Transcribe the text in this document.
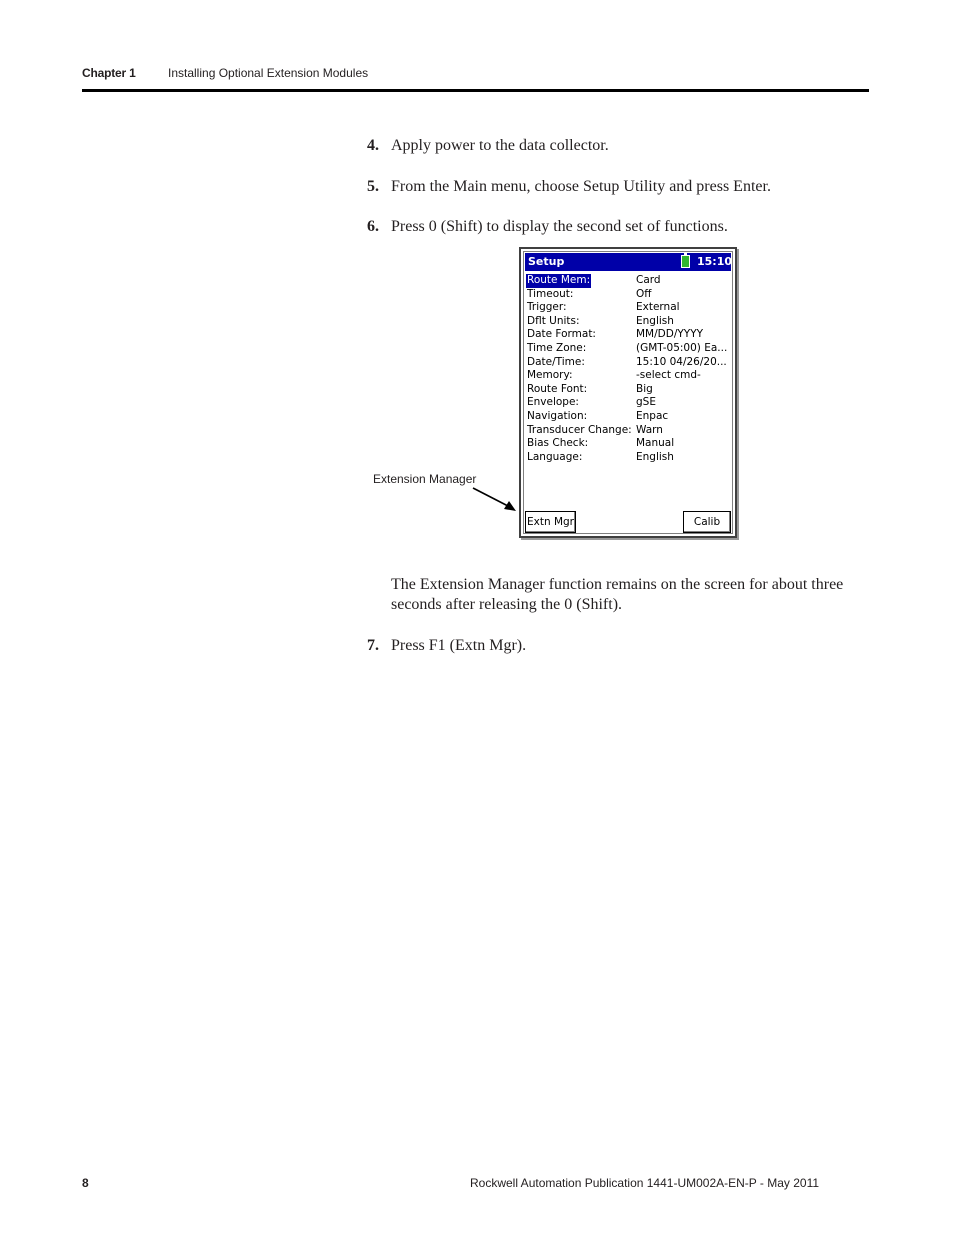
Chapter 1	Installing Optional Extension Modules
4. Apply power to the data collector.
5. From the Main menu, choose Setup Utility and press Enter.
6. Press 0 (Shift) to display the second set of functions.
Setup	15:10
Route Mem:	Card
Timeout:	Off
Trigger:	External
Dflt Units:	English
Date Format:	MM/DD/YYYY
Time Zone:	(GMT-05:00) Ea...
Date/Time:	15:10 04/26/20...
Memory:	-select cmd-
Route Font:	Big
Envelope:	gSE
Navigation:	Enpac
Transducer Change: Warn
Bias Check:	Manual
Language:	English
Extn Mgr	Calib
Extension Manager
The Extension Manager function remains on the screen for about three seconds after releasing the 0 (Shift).
7. Press F1 (Extn Mgr).
8	Rockwell Automation Publication 1441-UM002A-EN-P - May 2011
